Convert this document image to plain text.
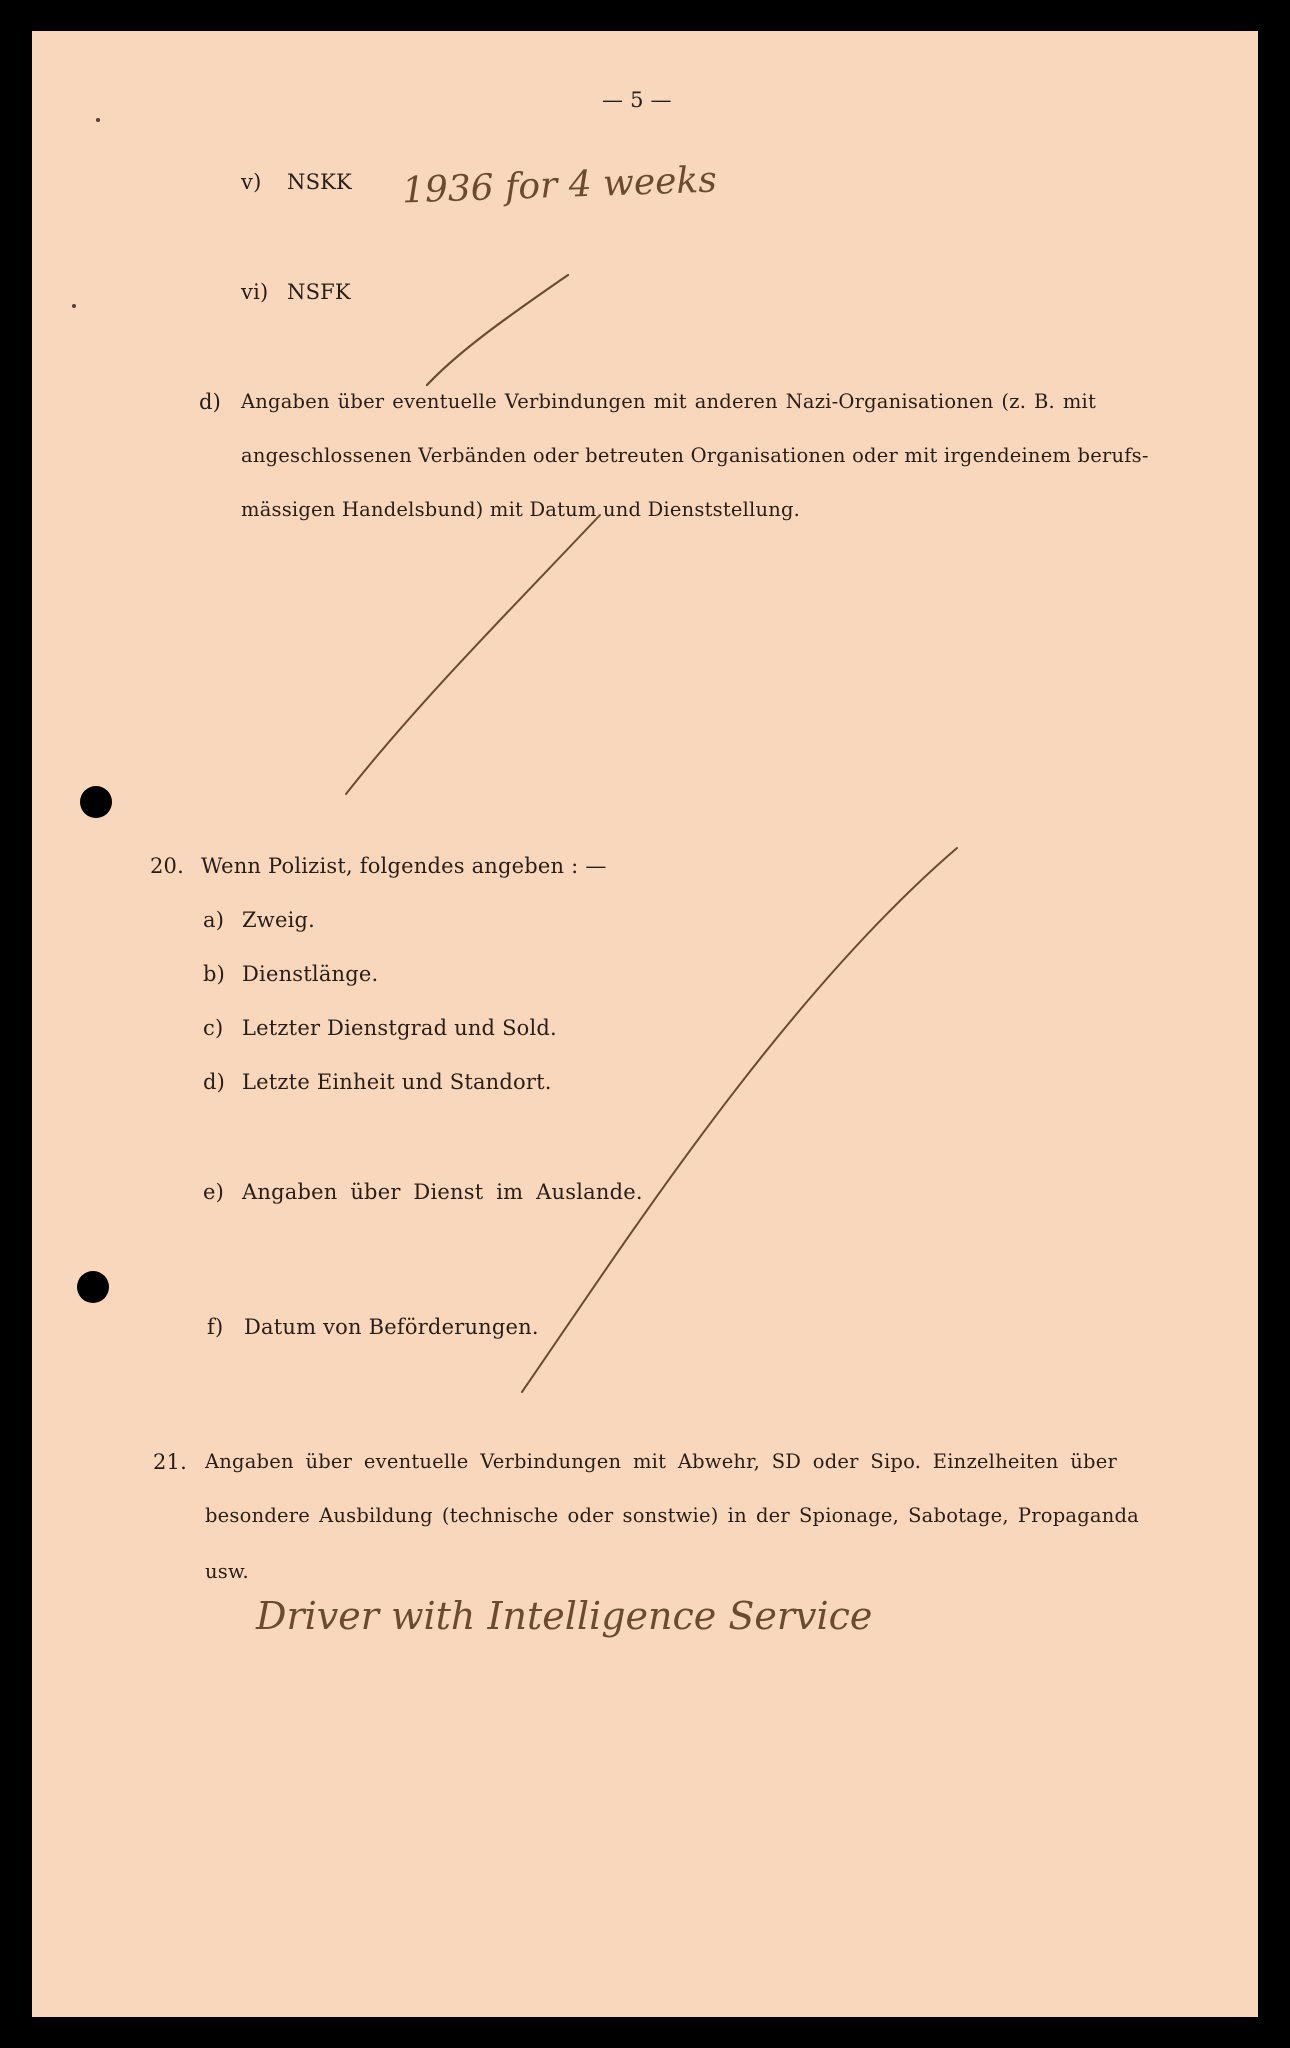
— 5 —
v) NSKK 1936 for 4 weeks
vi) NSFK
d) Angaben über eventuelle Verbindungen mit anderen Nazi-Organisationen (z. B. mit
angeschlossenen Verbänden oder betreuten Organisationen oder mit irgendeinem berufs-
mässigen Handelsbund) mit Datum und Dienststellung.
20. Wenn Polizist, folgendes angeben : —
a) Zweig.
b) Dienstlänge.
c) Letzter Dienstgrad und Sold.
d) Letzte Einheit und Standort.
e) Angaben über Dienst im Auslande.
f) Datum von Beförderungen.
21. Angaben über eventuelle Verbindungen mit Abwehr, SD oder Sipo. Einzelheiten über
besondere Ausbildung (technische oder sonstwie) in der Spionage, Sabotage, Propaganda
usw.
Driver with Intelligence Service
